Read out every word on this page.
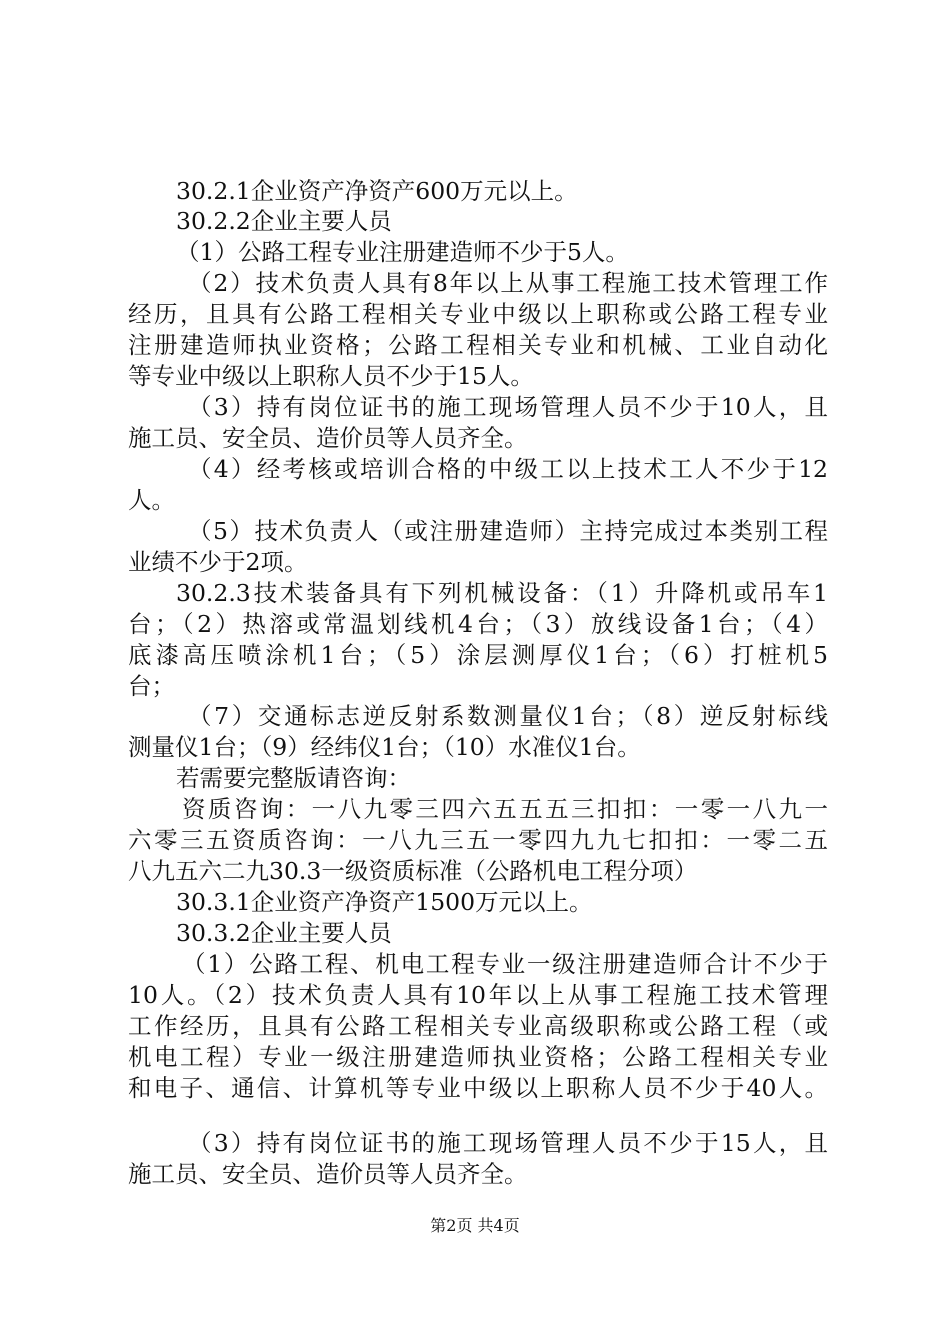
30.2.1企业资产净资产600万元以上。
30.2.2企业主要人员
（1）公路工程专业注册建造师不少于5人。
（2）技术负责人具有8年以上从事工程施工技术管理工作
经历，且具有公路工程相关专业中级以上职称或公路工程专业
注册建造师执业资格；公路工程相关专业和机械、工业自动化
等专业中级以上职称人员不少于15人。
（3）持有岗位证书的施工现场管理人员不少于10人，且
施工员、安全员、造价员等人员齐全。
（4）经考核或培训合格的中级工以上技术工人不少于12
人。
（5）技术负责人（或注册建造师）主持完成过本类别工程
业绩不少于2项。
30.2.3技术装备具有下列机械设备：（1）升降机或吊车1
台；（2）热溶或常温划线机4台；（3）放线设备1台；（4）
底漆高压喷涂机1台；（5）涂层测厚仪1台；（6）打桩机5
台；
（7）交通标志逆反射系数测量仪1台；（8）逆反射标线
测量仪1台；（9）经纬仪1台；（10）水准仪1台。
若需要完整版请咨询：
资质咨询：一八九零三四六五五五三扣扣：一零一八九一
六零三五资质咨询：一八九三五一零四九九七扣扣：一零二五
八九五六二九30.3一级资质标准（公路机电工程分项）
30.3.1企业资产净资产1500万元以上。
30.3.2企业主要人员
（1）公路工程、机电工程专业一级注册建造师合计不少于
10人。（2）技术负责人具有10年以上从事工程施工技术管理
工作经历，且具有公路工程相关专业高级职称或公路工程（或
机电工程）专业一级注册建造师执业资格；公路工程相关专业
和电子、通信、计算机等专业中级以上职称人员不少于40人。
（3）持有岗位证书的施工现场管理人员不少于15人，且
施工员、安全员、造价员等人员齐全。
第2页 共4页
